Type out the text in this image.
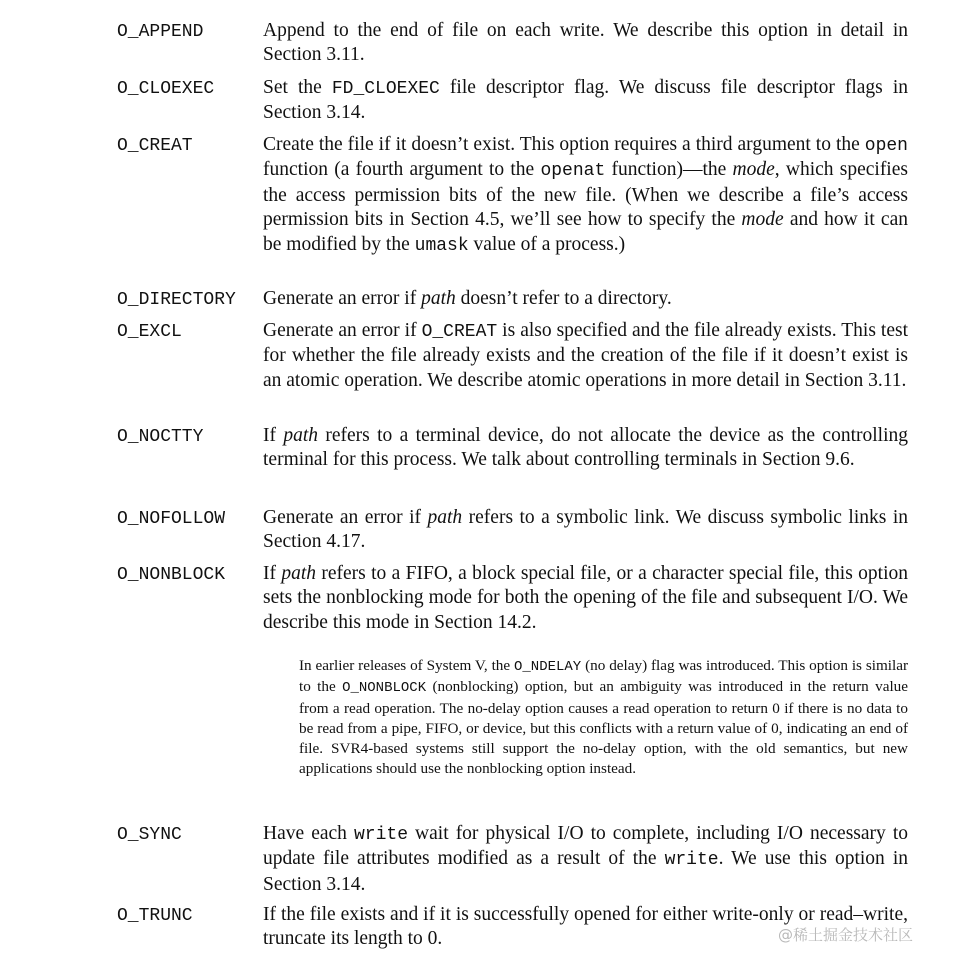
O_APPEND	Append to the end of file on each write. We describe this option in detail in Section 3.11.
O_CLOEXEC	Set the FD_CLOEXEC file descriptor flag. We discuss file descriptor flags in Section 3.14.
O_CREAT	Create the file if it doesn’t exist. This option requires a third argument to the open function (a fourth argument to the openat function)—the mode, which specifies the access permission bits of the new file. (When we describe a file’s access permission bits in Section 4.5, we’ll see how to specify the mode and how it can be modified by the umask value of a process.)
O_DIRECTORY Generate an error if path doesn’t refer to a directory.
O_EXCL	Generate an error if O_CREAT is also specified and the file already exists. This test for whether the file already exists and the creation of the file if it doesn’t exist is an atomic operation. We describe atomic operations in more detail in Section 3.11.
O_NOCTTY	If path refers to a terminal device, do not allocate the device as the controlling terminal for this process. We talk about controlling terminals in Section 9.6.
O_NOFOLLOW Generate an error if path refers to a symbolic link. We discuss symbolic links in Section 4.17.
O_NONBLOCK If path refers to a FIFO, a block special file, or a character special file, this option sets the nonblocking mode for both the opening of the file and subsequent I/O. We describe this mode in Section 14.2.
In earlier releases of System V, the O_NDELAY (no delay) flag was introduced. This option is similar to the O_NONBLOCK (nonblocking) option, but an ambiguity was introduced in the return value from a read operation. The no-delay option causes a read operation to return 0 if there is no data to be read from a pipe, FIFO, or device, but this conflicts with a return value of 0, indicating an end of file. SVR4-based systems still support the no-delay option, with the old semantics, but new applications should use the nonblocking option instead.
O_SYNC	Have each write wait for physical I/O to complete, including I/O necessary to update file attributes modified as a result of the write. We use this option in Section 3.14.
O_TRUNC	If the file exists and if it is successfully opened for either write-only or read–write, truncate its length to 0.	@稀土掘金技术社区
